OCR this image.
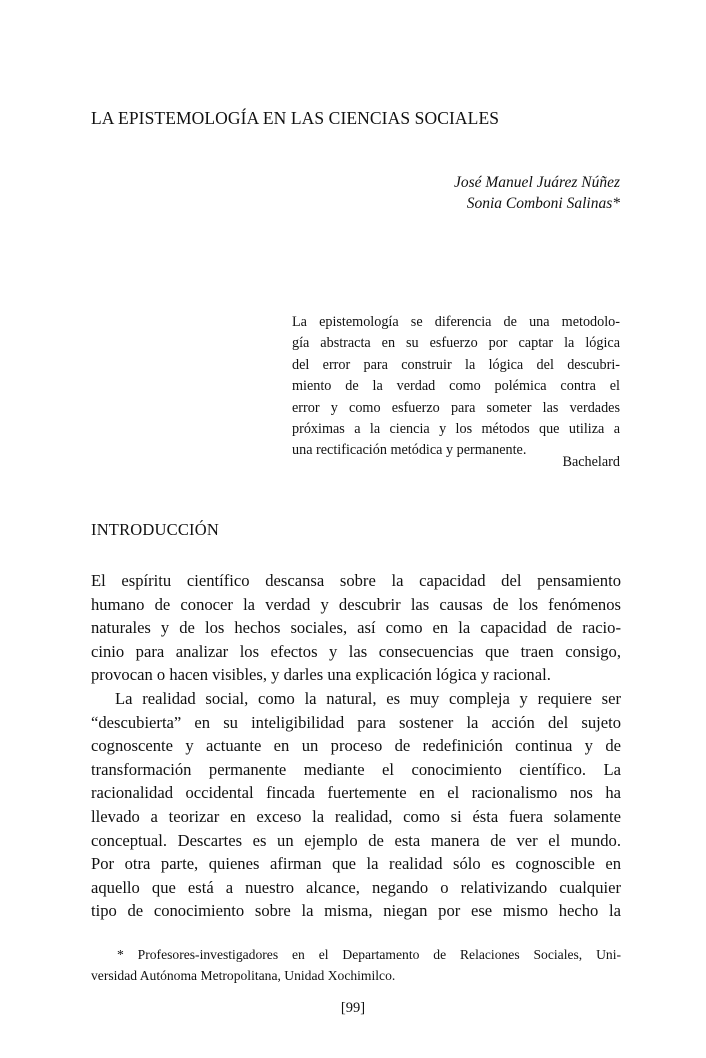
LA EPISTEMOLOGÍA EN LAS CIENCIAS SOCIALES
José Manuel Juárez Núñez
Sonia Comboni Salinas*
La epistemología se diferencia de una metodolo-
gía abstracta en su esfuerzo por captar la lógica
del error para construir la lógica del descubri-
miento de la verdad como polémica contra el
error y como esfuerzo para someter las verdades
próximas a la ciencia y los métodos que utiliza a
una rectificación metódica y permanente.
Bachelard
INTRODUCCIÓN
El espíritu científico descansa sobre la capacidad del pensamiento
humano de conocer la verdad y descubrir las causas de los fenómenos
naturales y de los hechos sociales, así como en la capacidad de racio-
cinio para analizar los efectos y las consecuencias que traen consigo,
provocan o hacen visibles, y darles una explicación lógica y racional.
La realidad social, como la natural, es muy compleja y requiere ser
“descubierta” en su inteligibilidad para sostener la acción del sujeto
cognoscente y actuante en un proceso de redefinición continua y de
transformación permanente mediante el conocimiento científico. La
racionalidad occidental fincada fuertemente en el racionalismo nos ha
llevado a teorizar en exceso la realidad, como si ésta fuera solamente
conceptual. Descartes es un ejemplo de esta manera de ver el mundo.
Por otra parte, quienes afirman que la realidad sólo es cognoscible en
aquello que está a nuestro alcance, negando o relativizando cualquier
tipo de conocimiento sobre la misma, niegan por ese mismo hecho la
* Profesores-investigadores en el Departamento de Relaciones Sociales, Uni-
versidad Autónoma Metropolitana, Unidad Xochimilco.
[99]
